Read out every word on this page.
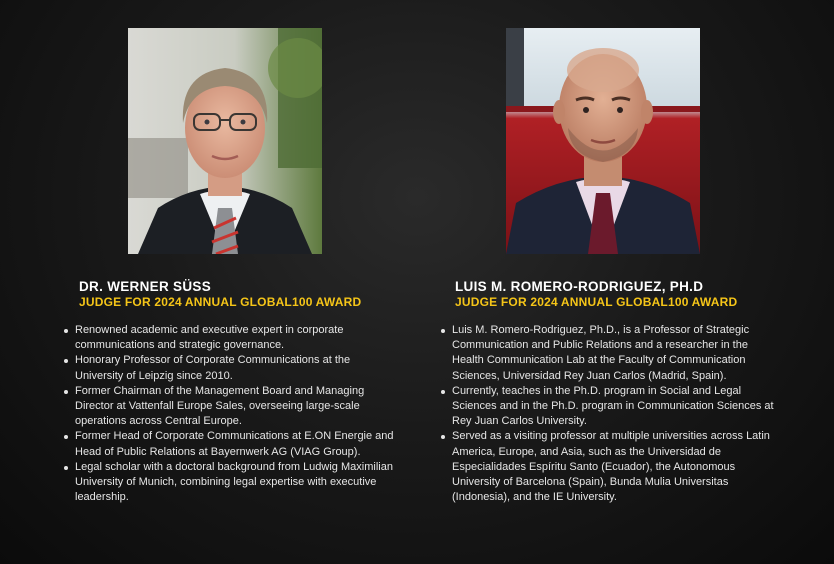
DR. WERNER SÜSS
JUDGE FOR 2024 ANNUAL GLOBAL100 AWARD
Renowned academic and executive expert in corporate communications and strategic governance.
Honorary Professor of Corporate Communications at the University of Leipzig since 2010.
Former Chairman of the Management Board and Managing Director at Vattenfall Europe Sales, overseeing large-scale operations across Central Europe.
Former Head of Corporate Communications at E.ON Energie and Head of Public Relations at Bayernwerk AG (VIAG Group).
Legal scholar with a doctoral background from Ludwig Maximilian University of Munich, combining legal expertise with executive leadership.
LUIS M. ROMERO-RODRIGUEZ, PH.D
JUDGE FOR 2024 ANNUAL GLOBAL100 AWARD
Luis M. Romero-Rodriguez, Ph.D., is a Professor of Strategic Communication and Public Relations and a researcher in the Health Communication Lab at the Faculty of Communication Sciences, Universidad Rey Juan Carlos (Madrid, Spain).
Currently, teaches in the Ph.D. program in Social and Legal Sciences and in the Ph.D. program in Communication Sciences at Rey Juan Carlos University.
Served as a visiting professor at multiple universities across Latin America, Europe, and Asia, such as the Universidad de Especialidades Espíritu Santo (Ecuador), the Autonomous University of Barcelona (Spain), Bunda Mulia Universitas (Indonesia), and the IE University.
